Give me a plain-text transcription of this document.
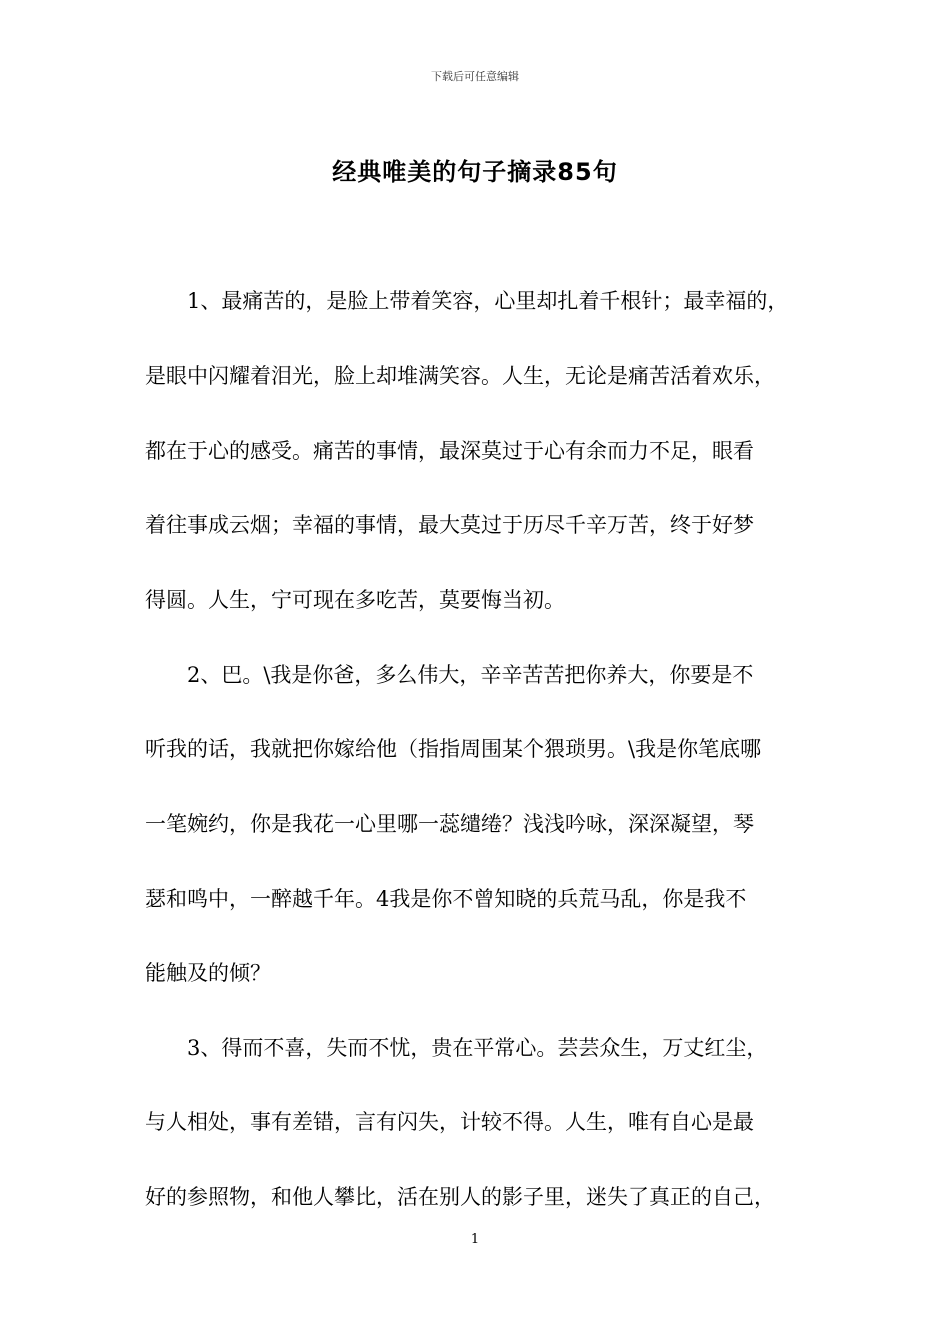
下载后可任意编辑
经典唯美的句子摘录85句
1、最痛苦的，是脸上带着笑容，心里却扎着千根针；最幸福的，
是眼中闪耀着泪光，脸上却堆满笑容。人生，无论是痛苦活着欢乐，
都在于心的感受。痛苦的事情，最深莫过于心有余而力不足，眼看
着往事成云烟；幸福的事情，最大莫过于历尽千辛万苦，终于好梦
得圆。人生，宁可现在多吃苦，莫要悔当初。
2、巴。\我是你爸，多么伟大，辛辛苦苦把你养大，你要是不
听我的话，我就把你嫁给他（指指周围某个猥琐男。\我是你笔底哪
一笔婉约，你是我花一心里哪一蕊缱绻？浅浅吟咏，深深凝望，琴
瑟和鸣中，一醉越千年。4我是你不曾知晓的兵荒马乱，你是我不
能触及的倾？
3、得而不喜，失而不忧，贵在平常心。芸芸众生，万丈红尘，
与人相处，事有差错，言有闪失，计较不得。人生，唯有自心是最
好的参照物，和他人攀比，活在别人的影子里，迷失了真正的自己，
1
